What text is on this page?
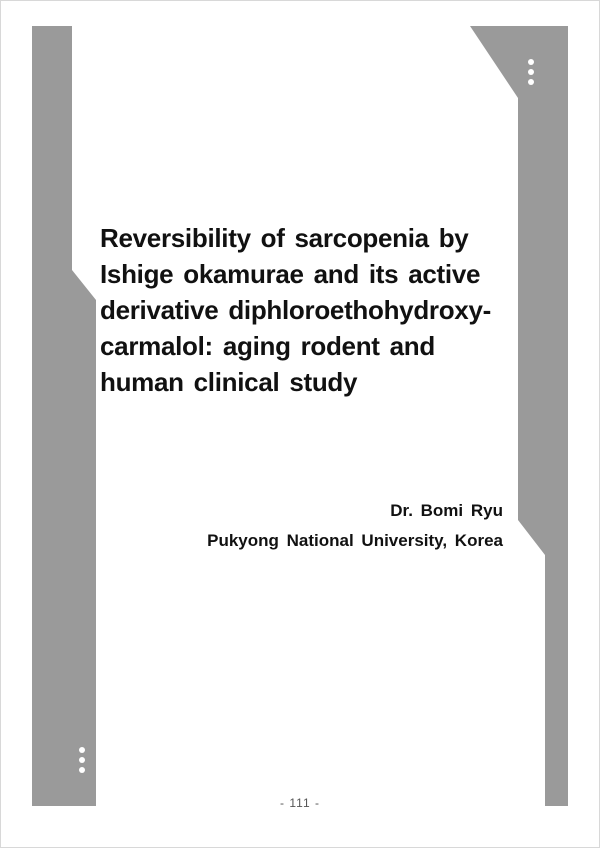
Reversibility of sarcopenia by
Ishige okamurae and its active
derivative diphloroethohydroxy-
carmalol: aging rodent and
human clinical study
Dr. Bomi Ryu
Pukyong National University, Korea
- 111 -
